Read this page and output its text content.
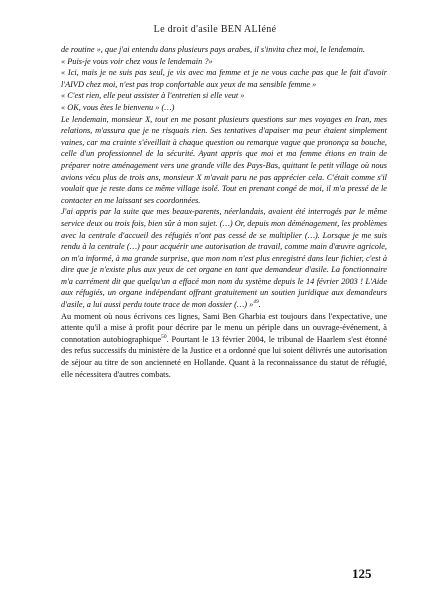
Le droit d'asile BEN ALIéné

de routine », que j'ai entendu dans plusieurs pays arabes, il s'invita chez moi, le lendemain.

« Puis-je vous voir chez vous le lendemain ?»

« Ici, mais je ne suis pas seul, je vis avec ma femme et je ne vous cache pas que le fait d'avoir l'AIVD chez moi, n'est pas trop confortable aux yeux de ma sensible femme »

« C'est rien, elle peut assister à l'entretien si elle veut »

« OK, vous êtes le bienvenu » (…)

Le lendemain, monsieur X, tout en me posant plusieurs questions sur mes voyages en Iran, mes relations, m'assura que je ne risquais rien. Ses tentatives d'apaiser ma peur étaient simplement vaines, car ma crainte s'éveillait à chaque question ou remarque vague que prononça sa bouche, celle d'un professionnel de la sécurité. Ayant appris que moi et ma femme étions en train de préparer notre aménagement vers une grande ville des Pays-Bas, quittant le petit village où nous avions vécu plus de trois ans, monsieur X m'avait paru ne pas apprécier cela. C'était comme s'il voulait que je reste dans ce même village isolé. Tout en prenant congé de moi, il m'a pressé de le contacter en me laissant ses coordonnées.

J'ai appris par la suite que mes beaux-parents, néerlandais, avaient été interrogés par le même service deux ou trois fois, bien sûr à mon sujet. (…) Or, depuis mon déménagement, les problèmes avec la centrale d'accueil des réfugiés n'ont pas cessé de se multiplier (…). Lorsque je me suis rendu à la centrale (…) pour acquérir une autorisation de travail, comme main d'œuvre agricole, on m'a informé, à ma grande surprise, que mon nom n'est plus enregistré dans leur fichier, c'est à dire que je n'existe plus aux yeux de cet organe en tant que demandeur d'asile. La fonctionnaire m'a carrément dit que quelqu'un a effacé mon nom du système depuis le 14 février 2003 ! L'Aide aux réfugiés, un organe indépendant offrant gratuitement un soutien juridique aux demandeurs d'asile, a lui aussi perdu toute trace de mon dossier (…) »$^{49}$.

Au moment où nous écrivons ces lignes, Sami Ben Gharbia est toujours dans l'expectative, une attente qu'il a mise à profit pour décrire par le menu un périple dans un ouvrage-événement, à connotation autobiographique$^{50}$. Pourtant le 13 février 2004, le tribunal de Haarlem s'est étonné des refus successifs du ministère de la Justice et a ordonné que lui soient délivrés une autorisation de séjour au titre de son ancienneté en Hollande. Quant à la reconnaissance du statut de réfugié, elle nécessitera d'autres combats.

125
